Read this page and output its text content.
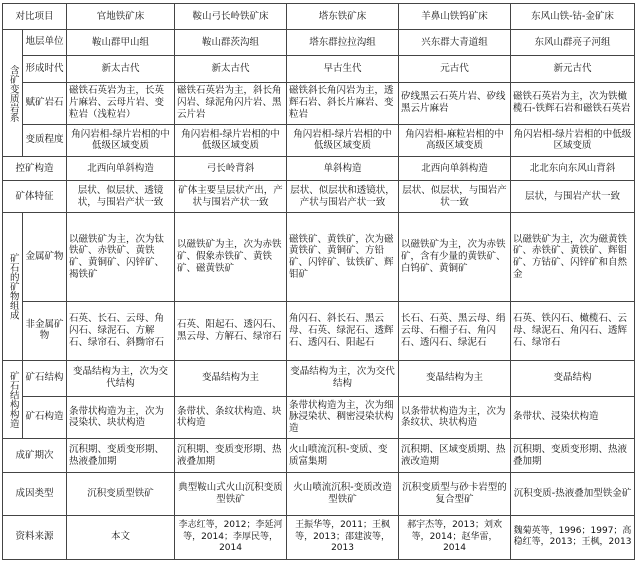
对比项目		官地铁矿床	鞍山弓长岭铁矿床	塔东铁矿床	羊鼻山铁钨矿床	东风山铁-钴-金矿床
含矿变质岩系	地层单位	鞍山群甲山组	鞍山群茨沟组	塔东群拉拉沟组	兴东群大青道组	东风山群亮子河组
	形成时代	新太古代	新太古代	早古生代	元古代	新元古代
	赋矿岩石	磁铁石英岩为主，长英片麻岩、云母片岩、变粒岩（浅粒岩）	磁铁石英岩为主，斜长角闪岩、绿泥角闪片岩、黑云片岩	磁铁斜长角闪岩为主，透辉石岩、斜长片麻岩、变粒岩	矽线黑云石英片岩、矽线黑云片麻岩	磁铁石英岩为主，次为铁橄榄石-铁辉石岩和磁铁石英岩
	变质程度	角闪岩相-绿片岩相的中低级区域变质	角闪岩相-绿片岩相的中低级区域变质	角闪岩相-绿片岩相的中低级区域变质	角闪岩相-麻粒岩相的中高级区域变质	角闪岩相-绿片岩相的中低级区域变质
控矿构造		北西向单斜构造	弓长岭背斜	单斜构造	北西向单斜构造	北北东向东风山背斜
矿体特征		层状、似层状、透镜状，与围岩产状一致	矿体主要呈层状产出，产状与围岩产状一致	层状、似层状和透镜状，产状与围岩产状一致	层状、似层状，与围岩产状一致	层状，与围岩产状一致
矿石的矿物组成	金属矿物	以磁铁矿为主，次为钛铁矿、赤铁矿、黄铁矿、黄铜矿、闪锌矿、褐铁矿	以磁铁矿为主，次为赤铁矿、假象赤铁矿、黄铁矿、磁黄铁矿	磁铁矿、黄铁矿，次为磁黄铁矿、黄铜矿、方铅矿、闪锌矿、钛铁矿、辉钼矿	以磁铁矿为主，次为赤铁矿，含有少量的黄铁矿、白钨矿、黄铜矿	以磁铁矿为主，次为磁黄铁矿、赤铁矿、黄铁矿、辉钼矿、方钴矿、闪锌矿和自然金
	非金属矿物	石英、长石、云母、角闪石、绿泥石、方解石、绿帘石、斜黝帘石	石英、阳起石、透闪石、黑云母、方解石、绿帘石	角闪石、斜长石、黑云母、石英、绿泥石、透辉石、透闪石、阳起石	长石、石英、黑云母、绢云母、石榴子石、角闪石、透闪石、绿泥石	石英、铁闪石、橄榄石、云母、绿泥石、角闪石、透辉石、绿帘石
矿石结构构造	矿石结构	变晶结构为主，次为交代结构	变晶结构为主	变晶结构为主，次为交代结构	变晶结构为主	变晶结构
	矿石构造	条带状构造为主，次为浸染状、块状构造	条带状、条纹状构造、块状构造	条带状构造为主，次为细脉浸染状、稠密浸染状构造	以条带状构造为主，次为条纹状、块状构造	条带状、浸染状构造
成矿期次		沉积期、变质变形期、热液叠加期	沉积期、变质变形期、热液叠加期	火山喷流沉积-变质、变质富集期	沉积期、区域变质期、热液改造期	沉积期、变质变形期、热液叠加期
成因类型		沉积变质型铁矿	典型鞍山式火山沉积变质型铁矿	火山喷流沉积-变质改造型铁矿	沉积变质型与砂卡岩型的复合型矿	沉积变质-热液叠加型铁金矿
资料来源		本文	李志红等，2012；李延河等，2014；李厚民等，2014	王振华等，2011；王枫等，2013；邵建波等，2013	郝宇杰等，2013；刘欢等，2014；赵华雷，2014	魏菊英等，1996；1997；高稳红等，2013；王枫，2013
